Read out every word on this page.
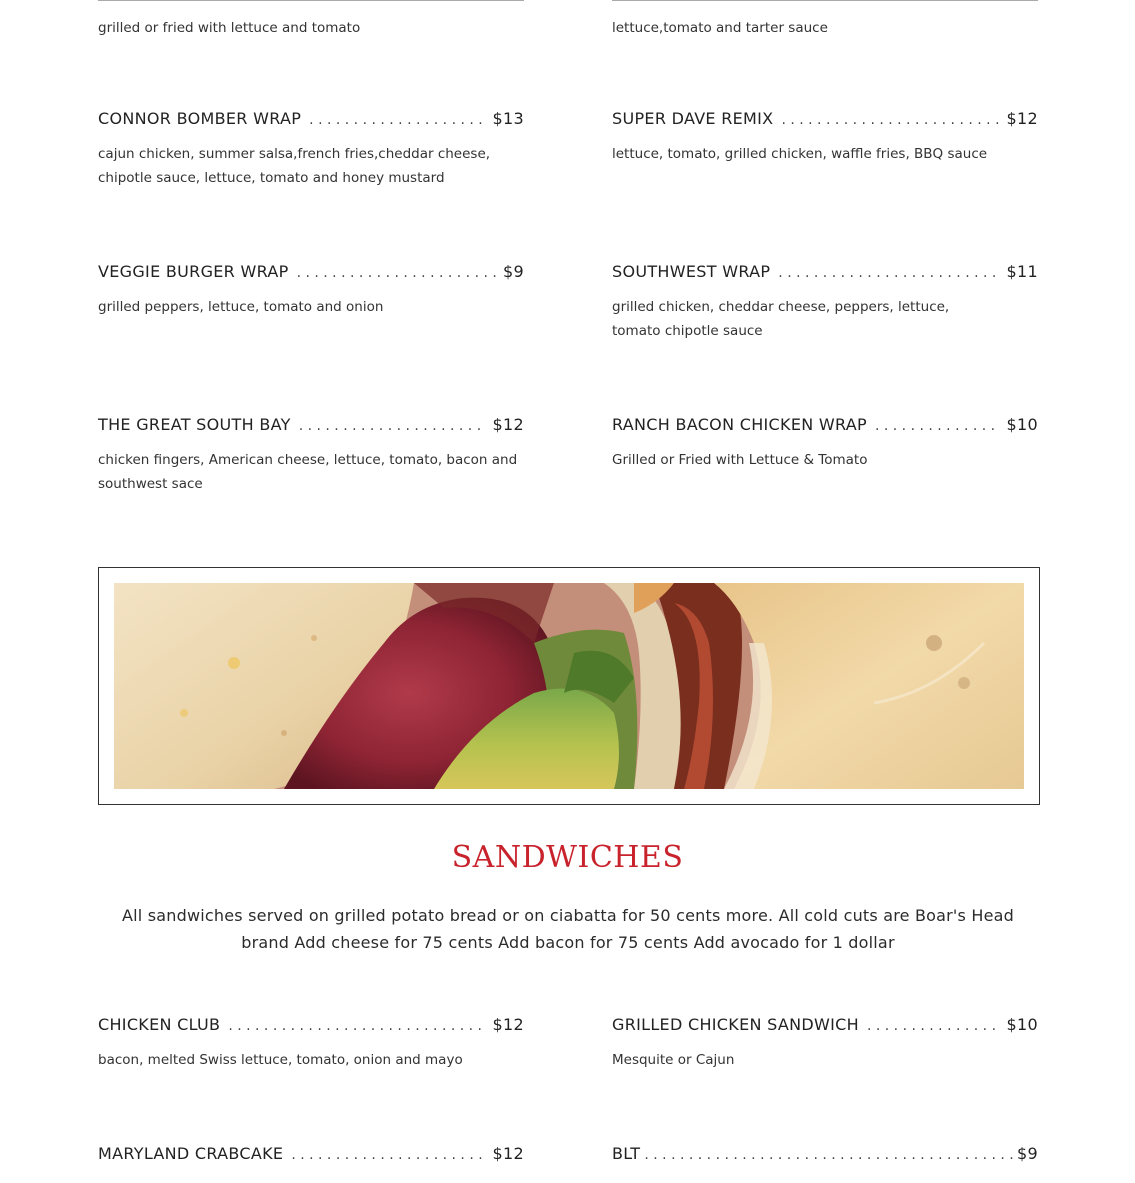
grilled or fried with lettuce and tomato	lettuce,tomato and tarter sauce
CONNOR BOMBER WRAP . . .	$13
cajun chicken, summer salsa,french fries,cheddar cheese, chipotle sauce, lettuce, tomato and honey mustard
SUPER DAVE REMIX . . .	$12
lettuce, tomato, grilled chicken, waffle fries, BBQ sauce
VEGGIE BURGER WRAP . . .	$9
grilled peppers, lettuce, tomato and onion
SOUTHWEST WRAP . . .	$11
grilled chicken, cheddar cheese, peppers, lettuce, tomato chipotle sauce
THE GREAT SOUTH BAY . . .	$12
chicken fingers, American cheese, lettuce, tomato, bacon and southwest sace
RANCH BACON CHICKEN WRAP . . .	$10
Grilled or Fried with Lettuce & Tomato
SANDWICHES
All sandwiches served on grilled potato bread or on ciabatta for 50 cents more. All cold cuts are Boar's Head brand Add cheese for 75 cents Add bacon for 75 cents Add avocado for 1 dollar
CHICKEN CLUB . . .	$12
bacon, melted Swiss lettuce, tomato, onion and mayo
GRILLED CHICKEN SANDWICH . . .	$10
Mesquite or Cajun
MARYLAND CRABCAKE . . .	$12	BLT . . .	$9
